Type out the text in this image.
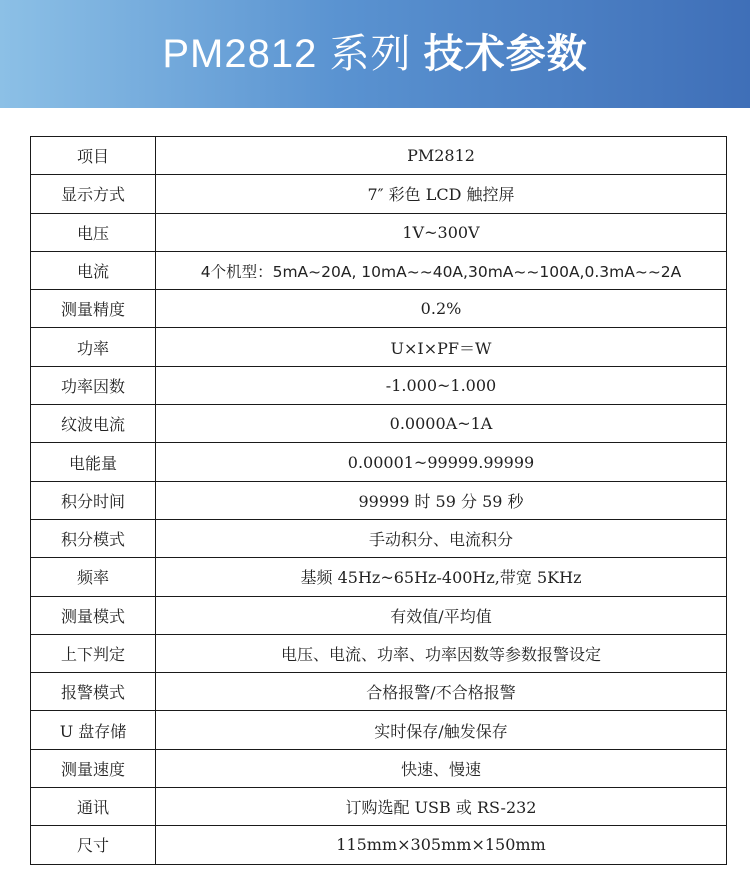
PM2812 系列 技术参数
项目	PM2812
显示方式	7″ 彩色 LCD 触控屏
电压	1V~300V
电流	4个机型：5mA~20A, 10mA~~40A,30mA~~100A,0.3mA~~2A
测量精度	0.2%
功率	U×I×PF＝W
功率因数	-1.000~1.000
纹波电流	0.0000A~1A
电能量	0.00001~99999.99999
积分时间	99999 时 59 分 59 秒
积分模式	手动积分、电流积分
频率	基频 45Hz~65Hz-400Hz,带宽 5KHz
测量模式	有效值/平均值
上下判定	电压、电流、功率、功率因数等参数报警设定
报警模式	合格报警/不合格报警
U 盘存储	实时保存/触发保存
测量速度	快速、慢速
通讯	订购选配 USB 或 RS-232
尺寸	115mm×305mm×150mm
